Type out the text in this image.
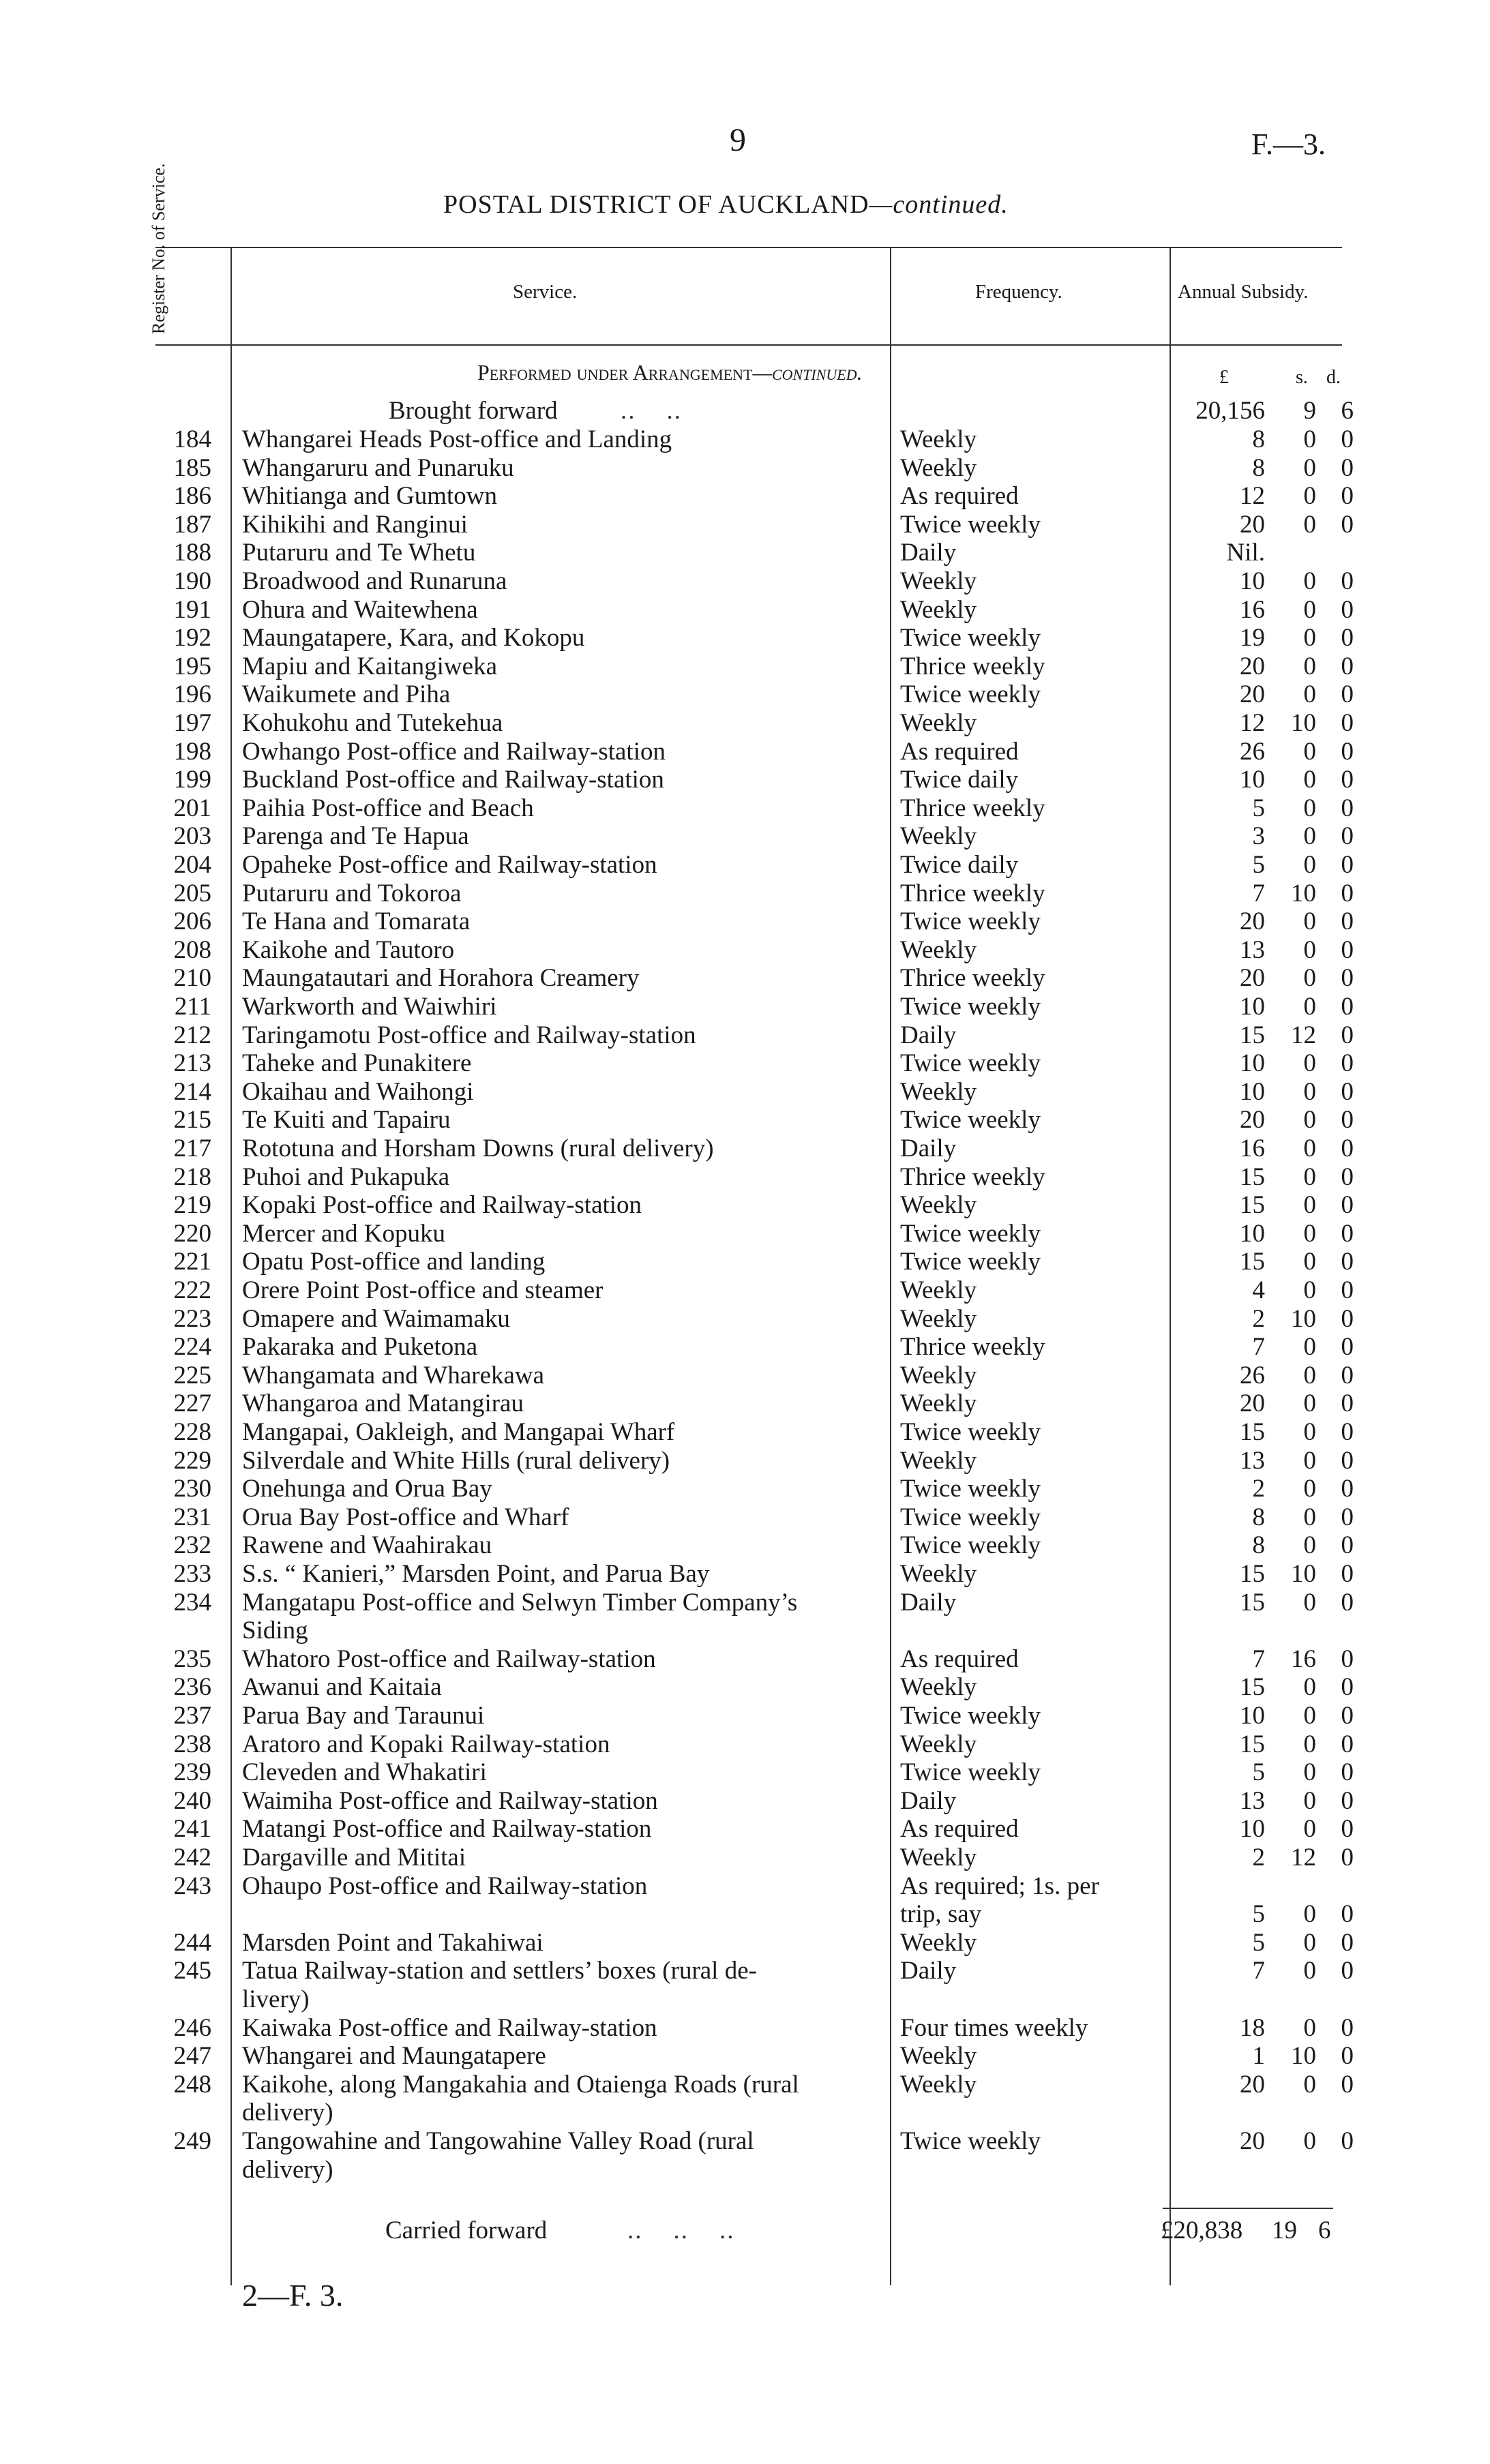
9	F.—3.
POSTAL DISTRICT OF AUCKLAND—continued.
Register No. of Service.	Service.	Frequency.	Annual Subsidy.
Performed under Arrangement—continued.	£	s. d.
Brought forward ..    ..	20,156 9 6
184 Whangarei Heads Post-office and Landing	Weekly	8 0 0
185 Whangaruru and Punaruku	Weekly	8 0 0
186 Whitianga and Gumtown	As required	12 0 0
187 Kihikihi and Ranginui	Twice weekly	20 0 0
188 Putaruru and Te Whetu	Daily	Nil.
190 Broadwood and Runaruna	Weekly	10 0 0
191 Ohura and Waitewhena	Weekly	16 0 0
192 Maungatapere, Kara, and Kokopu	Twice weekly	19 0 0
195 Mapiu and Kaitangiweka	Thrice weekly	20 0 0
196 Waikumete and Piha	Twice weekly	20 0 0
197 Kohukohu and Tutekehua	Weekly	12 10 0
198 Owhango Post-office and Railway-station	As required	26 0 0
199 Buckland Post-office and Railway-station	Twice daily	10 0 0
201 Paihia Post-office and Beach	Thrice weekly	5 0 0
203 Parenga and Te Hapua	Weekly	3 0 0
204 Opaheke Post-office and Railway-station	Twice daily	5 0 0
205 Putaruru and Tokoroa	Thrice weekly	7 10 0
206 Te Hana and Tomarata	Twice weekly	20 0 0
208 Kaikohe and Tautoro	Weekly	13 0 0
210 Maungatautari and Horahora Creamery	Thrice weekly	20 0 0
211 Warkworth and Waiwhiri	Twice weekly	10 0 0
212 Taringamotu Post-office and Railway-station	Daily	15 12 0
213 Taheke and Punakitere	Twice weekly	10 0 0
214 Okaihau and Waihongi	Weekly	10 0 0
215 Te Kuiti and Tapairu	Twice weekly	20 0 0
217 Rototuna and Horsham Downs (rural delivery)	Daily	16 0 0
218 Puhoi and Pukapuka	Thrice weekly	15 0 0
219 Kopaki Post-office and Railway-station	Weekly	15 0 0
220 Mercer and Kopuku	Twice weekly	10 0 0
221 Opatu Post-office and landing	Twice weekly	15 0 0
222 Orere Point Post-office and steamer	Weekly	4 0 0
223 Omapere and Waimamaku	Weekly	2 10 0
224 Pakaraka and Puketona	Thrice weekly	7 0 0
225 Whangamata and Wharekawa	Weekly	26 0 0
227 Whangaroa and Matangirau	Weekly	20 0 0
228 Mangapai, Oakleigh, and Mangapai Wharf	Twice weekly	15 0 0
229 Silverdale and White Hills (rural delivery)	Weekly	13 0 0
230 Onehunga and Orua Bay	Twice weekly	2 0 0
231 Orua Bay Post-office and Wharf	Twice weekly	8 0 0
232 Rawene and Waahirakau	Twice weekly	8 0 0
233 S.s. “ Kanieri,” Marsden Point, and Parua Bay	Weekly	15 10 0
234 Mangatapu Post-office and Selwyn Timber Company’s
Siding
Daily	15 0 0
235 Whatoro Post-office and Railway-station	As required	7 16 0
236 Awanui and Kaitaia	Weekly	15 0 0
237 Parua Bay and Taraunui	Twice weekly	10 0 0
238 Aratoro and Kopaki Railway-station	Weekly	15 0 0
239 Cleveden and Whakatiri	Twice weekly	5 0 0
240 Waimiha Post-office and Railway-station	Daily	13 0 0
241 Matangi Post-office and Railway-station	As required	10 0 0
242 Dargaville and Mititai	Weekly	2 12 0
243 Ohaupo Post-office and Railway-station	As required; 1s. per
trip, say	5 0 0
244 Marsden Point and Takahiwai	Weekly	5 0 0
245 Tatua Railway-station and settlers’ boxes (rural de-
livery)
Daily	7 0 0
246 Kaiwaka Post-office and Railway-station	Four times weekly	18 0 0
247 Whangarei and Maungatapere	Weekly	1 10 0
248 Kaikohe, along Mangakahia and Otaienga Roads (rural
delivery)
Weekly	20 0 0
249 Tangowahine and Tangowahine Valley Road (rural
delivery)
Twice weekly	20 0 0
Carried forward	..    ..    ..	£20,838 19 6
2—F. 3.
